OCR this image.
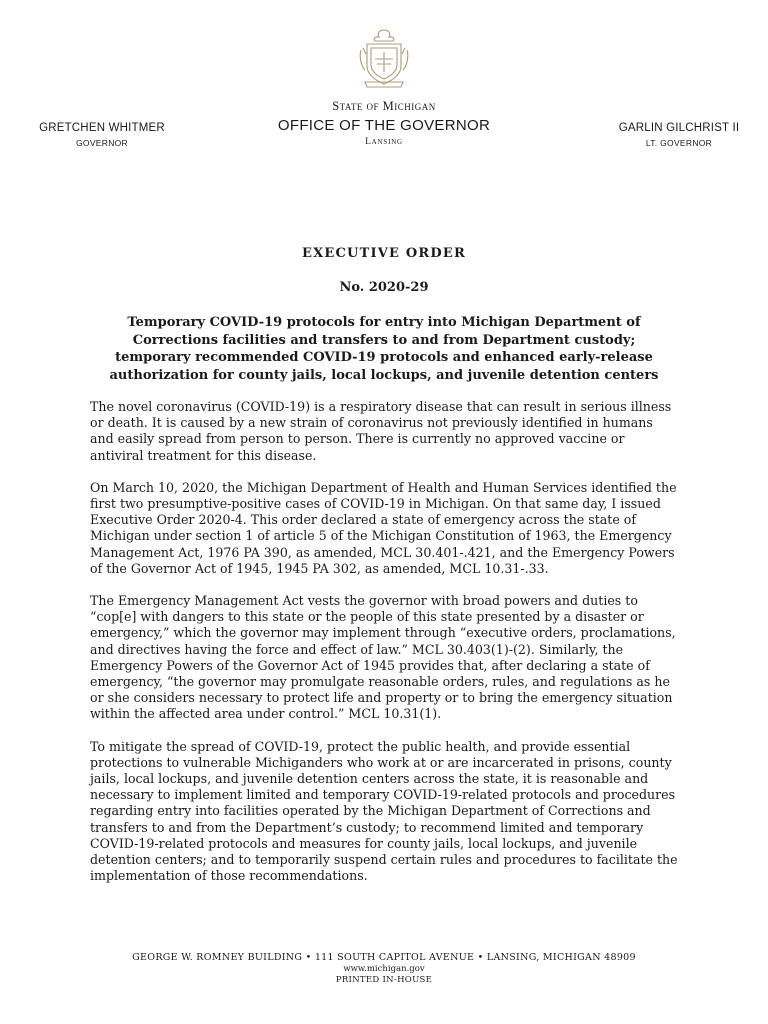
State of Michigan
OFFICE OF THE GOVERNOR
Lansing
GRETCHEN WHITMER
GOVERNOR
GARLIN GILCHRIST II
LT. GOVERNOR
EXECUTIVE ORDER
No. 2020-29
Temporary COVID-19 protocols for entry into Michigan Department of Corrections facilities and transfers to and from Department custody; temporary recommended COVID-19 protocols and enhanced early-release authorization for county jails, local lockups, and juvenile detention centers

The novel coronavirus (COVID-19) is a respiratory disease that can result in serious illness or death. It is caused by a new strain of coronavirus not previously identified in humans and easily spread from person to person. There is currently no approved vaccine or antiviral treatment for this disease.

On March 10, 2020, the Michigan Department of Health and Human Services identified the first two presumptive-positive cases of COVID-19 in Michigan. On that same day, I issued Executive Order 2020-4. This order declared a state of emergency across the state of Michigan under section 1 of article 5 of the Michigan Constitution of 1963, the Emergency Management Act, 1976 PA 390, as amended, MCL 30.401-.421, and the Emergency Powers of the Governor Act of 1945, 1945 PA 302, as amended, MCL 10.31-.33.

The Emergency Management Act vests the governor with broad powers and duties to “cop[e] with dangers to this state or the people of this state presented by a disaster or emergency,” which the governor may implement through “executive orders, proclamations, and directives having the force and effect of law.” MCL 30.403(1)-(2). Similarly, the Emergency Powers of the Governor Act of 1945 provides that, after declaring a state of emergency, “the governor may promulgate reasonable orders, rules, and regulations as he or she considers necessary to protect life and property or to bring the emergency situation within the affected area under control.” MCL 10.31(1).

To mitigate the spread of COVID-19, protect the public health, and provide essential protections to vulnerable Michiganders who work at or are incarcerated in prisons, county jails, local lockups, and juvenile detention centers across the state, it is reasonable and necessary to implement limited and temporary COVID-19-related protocols and procedures regarding entry into facilities operated by the Michigan Department of Corrections and transfers to and from the Department’s custody; to recommend limited and temporary COVID-19-related protocols and measures for county jails, local lockups, and juvenile detention centers; and to temporarily suspend certain rules and procedures to facilitate the implementation of those recommendations.

GEORGE W. ROMNEY BUILDING • 111 SOUTH CAPITOL AVENUE • LANSING, MICHIGAN 48909
www.michigan.gov
PRINTED IN-HOUSE
